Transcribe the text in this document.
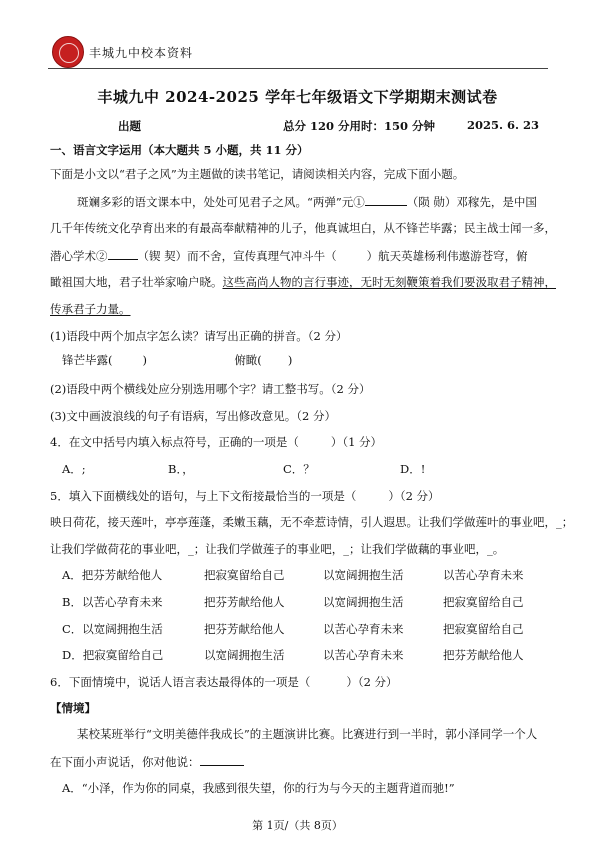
丰城九中校本资料
丰城九中 2024-2025 学年七年级语文下学期期末测试卷
出题	总分 120 分用时：150 分钟	2025. 6. 23
一、语言文字运用（本大题共 5 小题，共 11 分）
下面是小文以“君子之风”为主题做的读书笔记，请阅读相关内容，完成下面小题。
斑斓多彩的语文课本中，处处可见君子之风。“两弹”元①	（陨 勋）邓稼先，是中国
几千年传统文化孕育出来的有最高奉献精神的儿子，他真诚坦白，从不锋芒毕露；民主战士闻一多，
潜心学术②	（锲 契）而不舍，宣传真理气冲斗牛（	）航天英雄杨利伟遨游苍穹，俯
瞰祖国大地，君子壮举家喻户晓。这些高尚人物的言行事迹，无时无刻鞭策着我们要汲取君子精神，
传承君子力量。
(1)语段中两个加点字怎么读？请写出正确的拼音。（2 分）
锋芒毕露(	)	俯瞰( )
(2)语段中两个横线处应分别选用哪个字？请工整书写。（2 分）
(3)文中画波浪线的句子有语病，写出修改意见。（2 分）
4．在文中括号内填入标点符号，正确的一项是（	）（1 分）
A．;	B．，	C．？	D．!
5．填入下面横线处的语句，与上下文衔接最恰当的一项是（	）（2 分）
映日荷花，接天莲叶，亭亭莲蓬，柔嫩玉藕，无不牵惹诗情，引人遐思。让我们学做莲叶的事业吧，_；
让我们学做荷花的事业吧，_；让我们学做莲子的事业吧，_；让我们学做藕的事业吧，_。
A．把芬芳献给他人	把寂寞留给自己	以宽阔拥抱生活	以苦心孕育未来
B．以苦心孕育未来	把芬芳献给他人	以宽阔拥抱生活	把寂寞留给自己
C．以宽阔拥抱生活	把芬芳献给他人	以苦心孕育未来	把寂寞留给自己
D．把寂寞留给自己	以宽阔拥抱生活	以苦心孕育未来	把芬芳献给他人
6．下面情境中，说话人语言表达最得体的一项是（	）（2 分）
【情境】
某校某班举行“文明美德伴我成长”的主题演讲比赛。比赛进行到一半时，郭小泽同学一个人
在下面小声说话，你对他说：
A．“小泽，作为你的同桌，我感到很失望，你的行为与今天的主题背道而驰!”
第 1页/（共 8页）
